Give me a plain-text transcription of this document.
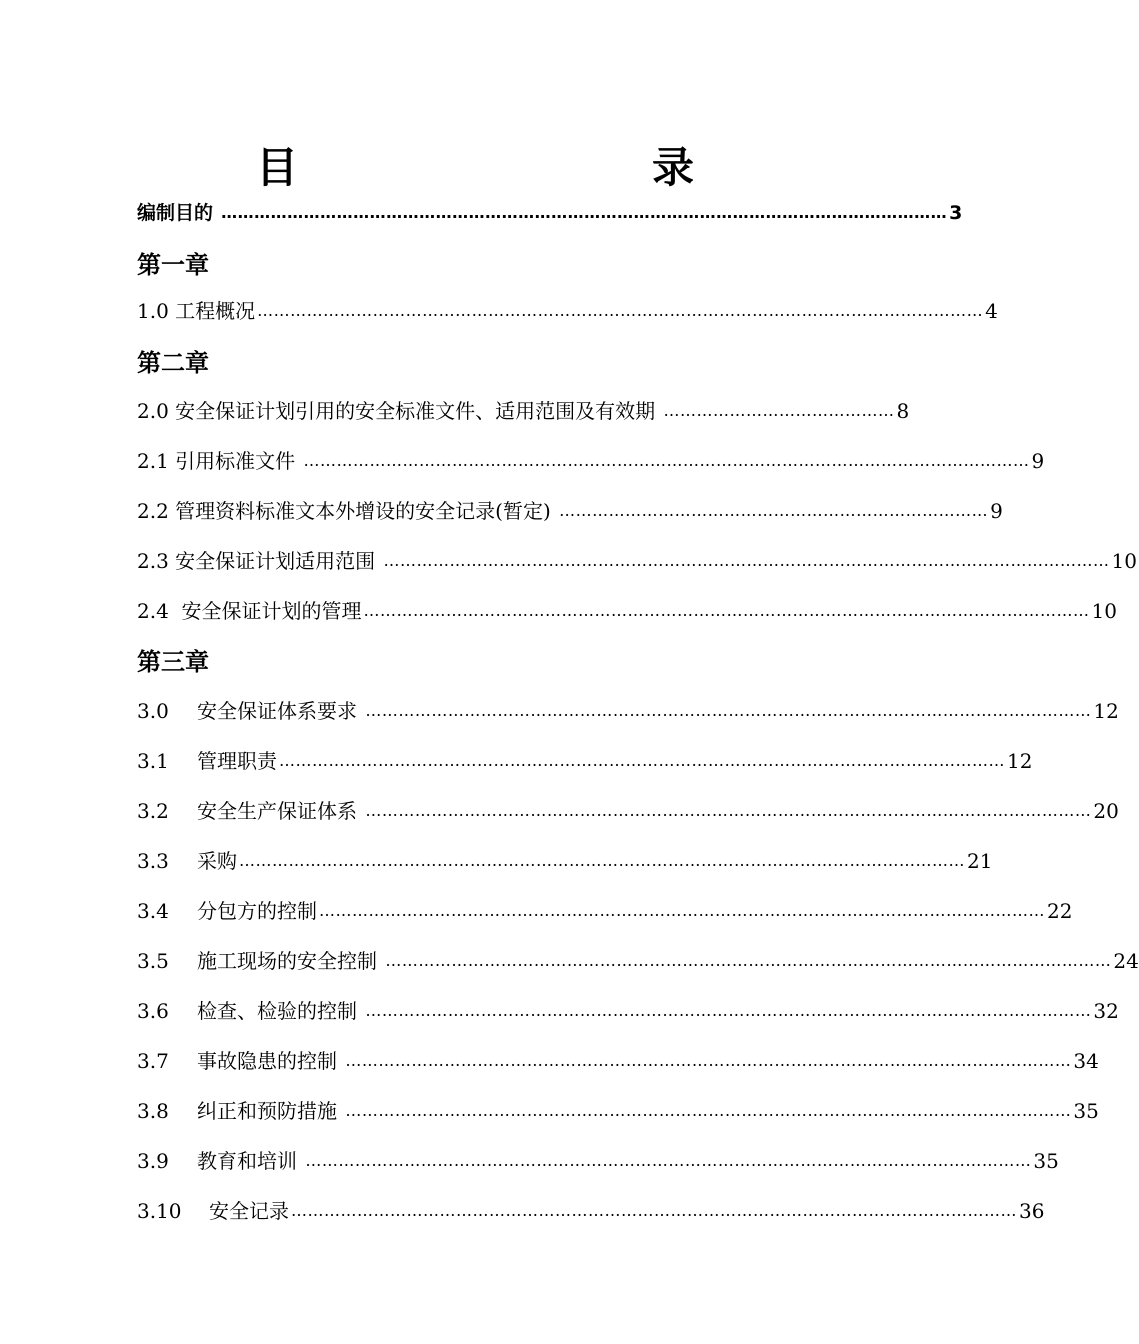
目　　录
编制目的 …………………………………………………………………………………………………………………… 3
第一章
1.0 工程概况 …………………………………………………………………………………………………………………… 4
第二章
2.0 安全保证计划引用的安全标准文件、适用范围及有效期 …………………………………… 8
2.1 引用标准文件 …………………………………………………………………………………………………………………… 9
2.2 管理资料标准文本外增设的安全记录(暂定) …………………………………………………………………… 9
2.3 安全保证计划适用范围 …………………………………………………………………………………………………………………… 10
2.4 安全保证计划的管理 …………………………………………………………………………………………………………………… 10
第三章
3.0 安全保证体系要求 …………………………………………………………………………………………………………………… 12
3.1 管理职责 …………………………………………………………………………………………………………………… 12
3.2 安全生产保证体系 …………………………………………………………………………………………………………………… 20
3.3 采购 …………………………………………………………………………………………………………………… 21
3.4 分包方的控制 …………………………………………………………………………………………………………………… 22
3.5 施工现场的安全控制 …………………………………………………………………………………………………………………… 24
3.6 检查、检验的控制 …………………………………………………………………………………………………………………… 32
3.7 事故隐患的控制 …………………………………………………………………………………………………………………… 34
3.8 纠正和预防措施 …………………………………………………………………………………………………………………… 35
3.9 教育和培训 …………………………………………………………………………………………………………………… 35
3.10 安全记录 …………………………………………………………………………………………………………………… 36
